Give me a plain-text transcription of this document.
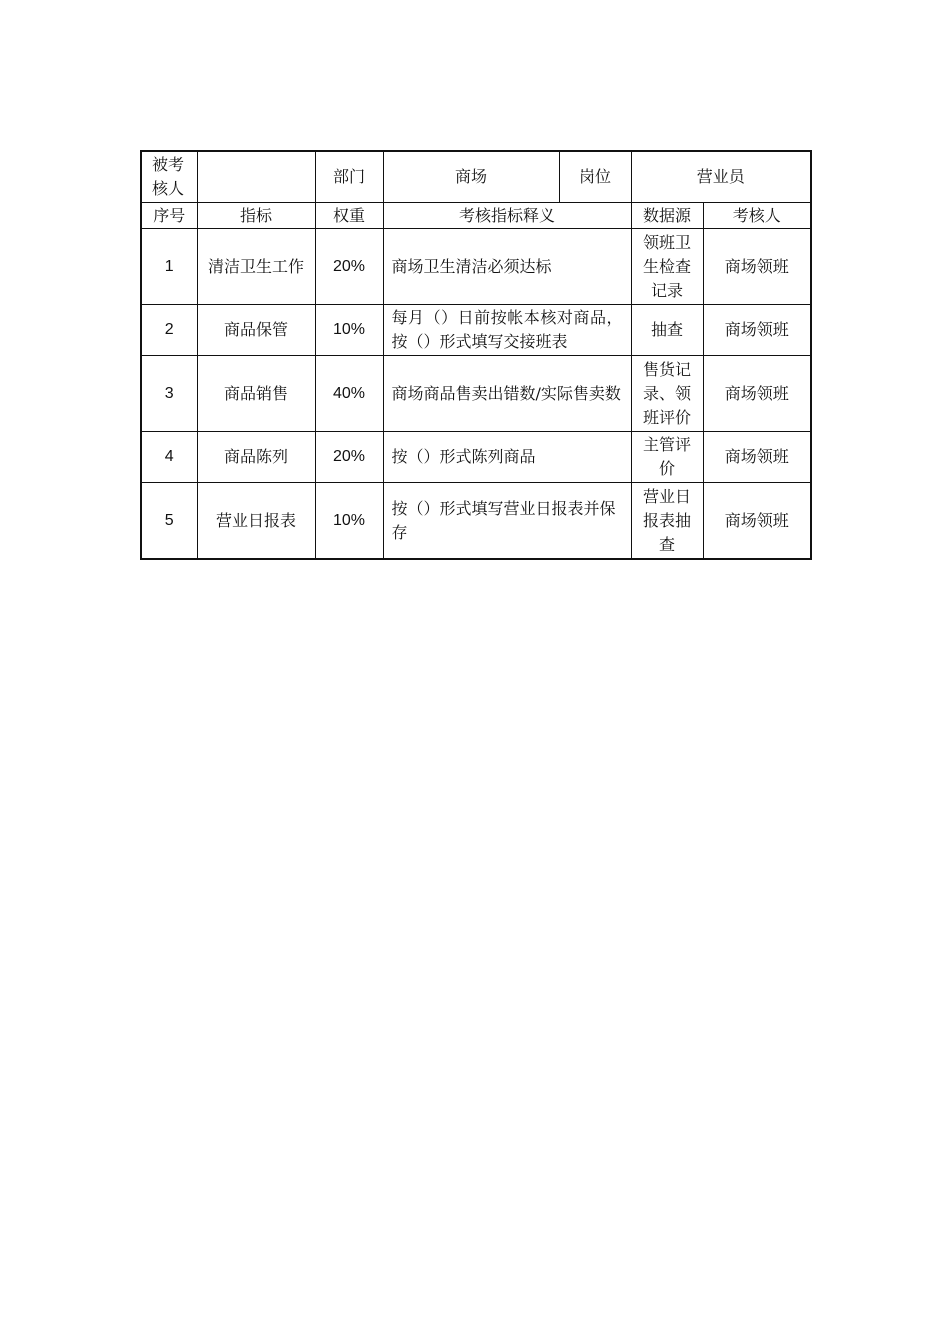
被考核人		部门	商场	岗位	营业员	
序号	指标	权重	考核指标释义		数据源	考核人
1	清洁卫生工作	20%	商场卫生清洁必须达标		领班卫生检查记录	商场领班
2	商品保管	10%	每月（）日前按帐本核对商品，按（）形式填写交接班表		抽查	商场领班
3	商品销售	40%	商场商品售卖出错数/实际售卖数		售货记录、领班评价	商场领班
4	商品陈列	20%	按（）形式陈列商品		主管评价	商场领班
5	营业日报表	10%	按（）形式填写营业日报表并保存		营业日报表抽查	商场领班
